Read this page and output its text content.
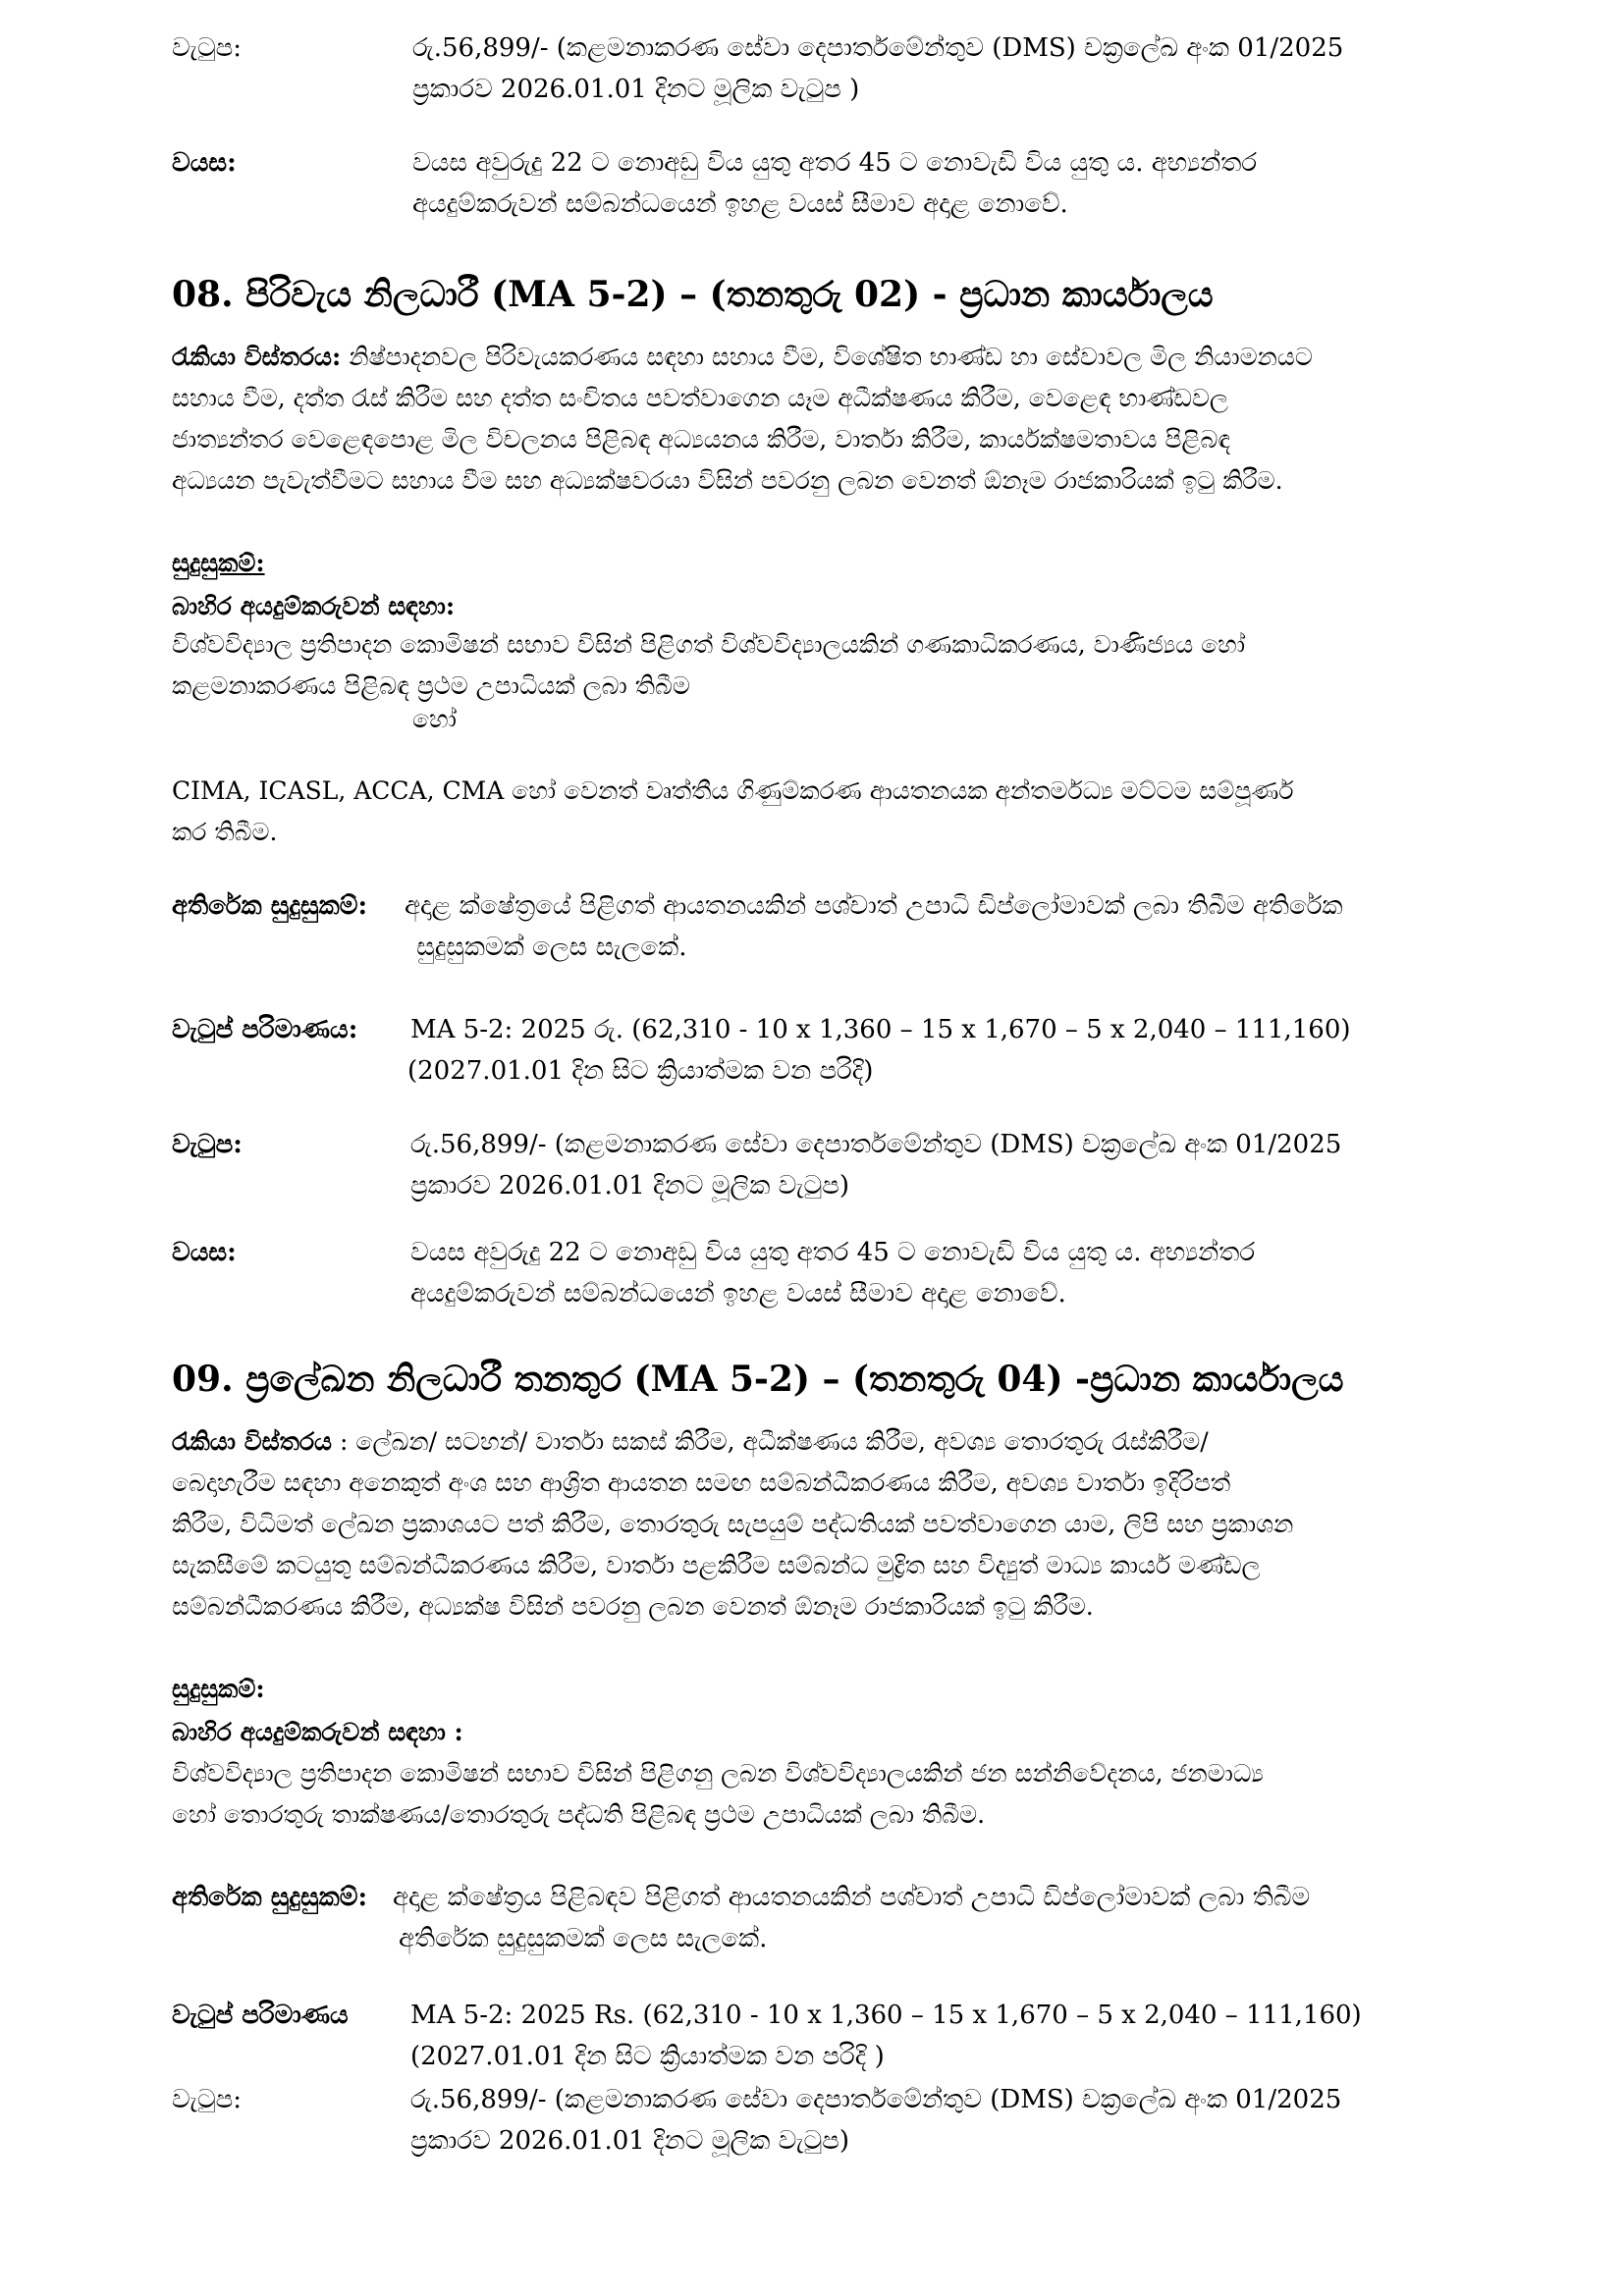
වැටුප:	රු.56,899/- (කළමනාකරණ සේවා දෙපාර්තමේන්තුව (DMS) චක්‍රලේඛ අංක 01/2025
ප්‍රකාරව 2026.01.01 දිනට මූලික වැටුප )
වයස:	වයස අවුරුදු 22 ට නොඅඩු විය යුතු අතර 45 ට නොවැඩි විය යුතු ය. අභ්‍යන්තර
අයදුම්කරුවන් සම්බන්ධයෙන් ඉහළ වයස් සීමාව අදාළ නොවේ.
08. පිරිවැය නිලධාරී (MA 5-2) – (තනතුරු 02) - ප්‍රධාන කාර්යාලය
රැකියා විස්තරය: නිෂ්පාදනවල පිරිවැයකරණය සඳහා සහාය වීම, විශේෂිත භාණ්ඩ හා සේවාවල මිල නියාමනයට
සහාය වීම, දත්ත රැස් කිරීම සහ දත්ත සංචිතය පවත්වාගෙන යෑම අධීක්ෂණය කිරීම, වෙළෙඳ භාණ්ඩවල
ජාත්‍යන්තර වෙළෙඳපොළ මිල විචලනය පිළිබඳ අධ්‍යයනය කිරීම, වාර්තා කිරීම, කාර්යක්ෂමතාවය පිළිබඳ
අධ්‍යයන පැවැත්වීමට සහාය වීම සහ අධ්‍යක්ෂවරයා විසින් පවරනු ලබන වෙනත් ඕනෑම රාජකාරියක් ඉටු කිරීම.
සුදුසුකම්:
බාහිර අයදුම්කරුවන් සඳහා:
විශ්වවිද්‍යාල ප්‍රතිපාදන කොමිෂන් සභාව විසින් පිළිගත් විශ්වවිද්‍යාලයකින් ගණකාධිකරණය, වාණිජ්‍යය හෝ
කළමනාකරණය පිළිබඳ ප්‍රථම උපාධියක් ලබා තිබීම
හෝ
CIMA, ICASL, ACCA, CMA හෝ වෙනත් වෘත්තීය ගිණුම්කරණ ආයතනයක අන්තර්මධ්‍ය මට්ටම සම්පූර්ණ
කර තිබීම.
අතිරේක සුදුසුකම්: අදාළ ක්ෂේත්‍රයේ පිළිගත් ආයතනයකින් පශ්චාත් උපාධි ඩිප්ලෝමාවක් ලබා තිබීම අතිරේක
සුදුසුකමක් ලෙස සැලකේ.
වැටුප් පරිමාණය: MA 5-2: 2025 රු. (62,310 - 10 x 1,360 – 15 x 1,670 – 5 x 2,040 – 111,160)
(2027.01.01 දින සිට ක්‍රියාත්මක වන පරිදි)
වැටුප:	රු.56,899/- (කළමනාකරණ සේවා දෙපාර්තමේන්තුව (DMS) චක්‍රලේඛ අංක 01/2025
ප්‍රකාරව 2026.01.01 දිනට මූලික වැටුප)
වයස:	වයස අවුරුදු 22 ට නොඅඩු විය යුතු අතර 45 ට නොවැඩි විය යුතු ය. අභ්‍යන්තර
අයදුම්කරුවන් සම්බන්ධයෙන් ඉහළ වයස් සීමාව අදාළ නොවේ.
09. ප්‍රලේඛන නිලධාරී තනතුර (MA 5-2) – (තනතුරු 04) -ප්‍රධාන කාර්යාලය
රැකියා විස්තරය : ලේඛන/ සටහන්/ වාර්තා සකස් කිරීම, අධීක්ෂණය කිරීම, අවශ්‍ය තොරතුරු රැස්කිරීම/
බෙදාහැරීම සඳහා අනෙකුත් අංශ සහ ආශ්‍රිත ආයතන සමඟ සම්බන්ධීකරණය කිරීම, අවශ්‍ය වාර්තා ඉදිරිපත්
කිරීම, විධිමත් ලේඛන ප්‍රකාශයට පත් කිරීම, තොරතුරු සැපයුම් පද්ධතියක් පවත්වාගෙන යාම, ලිපි සහ ප්‍රකාශන
සැකසීමේ කටයුතු සම්බන්ධීකරණය කිරීම, වාර්තා පළකිරීම සම්බන්ධ මුද්‍රිත සහ විද්‍යුත් මාධ්‍ය කාර්ය මණ්ඩල
සම්බන්ධීකරණය කිරීම, අධ්‍යක්ෂ විසින් පවරනු ලබන වෙනත් ඕනෑම රාජකාරියක් ඉටු කිරීම.
සුදුසුකම්:
බාහිර අයදුම්කරුවන් සඳහා :
විශ්වවිද්‍යාල ප්‍රතිපාදන කොමිෂන් සභාව විසින් පිළිගනු ලබන විශ්වවිද්‍යාලයකින් ජන සන්නිවේදනය, ජනමාධ්‍ය
හෝ තොරතුරු තාක්ෂණය/තොරතුරු පද්ධති පිළිබඳ ප්‍රථම උපාධියක් ලබා තිබීම.
අතිරේක සුදුසුකම්: අදාළ ක්ෂේත්‍රය පිළිබඳව පිළිගත් ආයතනයකින් පශ්චාත් උපාධි ඩිප්ලෝමාවක් ලබා තිබීම
අතිරේක සුදුසුකමක් ලෙස සැලකේ.
වැටුප් පරිමාණය MA 5-2: 2025 Rs. (62,310 - 10 x 1,360 – 15 x 1,670 – 5 x 2,040 – 111,160)
(2027.01.01 දින සිට ක්‍රියාත්මක වන පරිදි )
වැටුප:	රු.56,899/- (කළමනාකරණ සේවා දෙපාර්තමේන්තුව (DMS) චක්‍රලේඛ අංක 01/2025
ප්‍රකාරව 2026.01.01 දිනට මූලික වැටුප)
